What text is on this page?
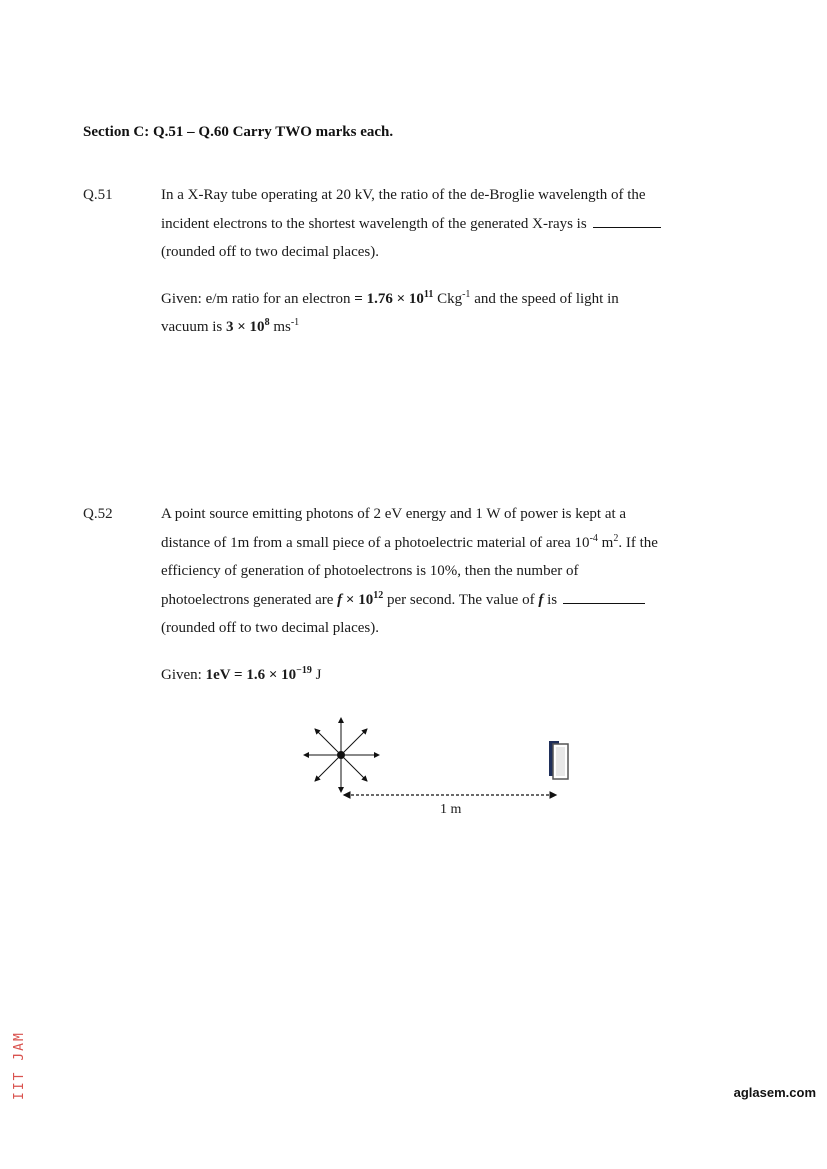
Section C: Q.51 – Q.60 Carry TWO marks each.
Q.51	In a X-Ray tube operating at 20 kV, the ratio of the de-Broglie wavelength of the

incident electrons to the shortest wavelength of the generated X-rays is

(rounded off to two decimal places).

Given: e/m ratio for an electron = $1.76 \times 10^{11}$ Ckg$^{-1}$ and the speed of light in

vacuum is $3 \times 10^8$ $ms^{-1}$

Q.52	A point source emitting photons of 2 eV energy and 1 W of power is kept at a

distance of 1m from a small piece of a photoelectric material of area $10^{-4}$ $m^2$. If the

efficiency of generation of photoelectrons is 10%, then the number of

photoelectrons generated are $f \times 10^{12}$ per second. The value of f is

(rounded off to two decimal places).

Given: $1eV = 1.6 \times 10^{-19}$ J

1 m
IIT JAM	aglasem.com
